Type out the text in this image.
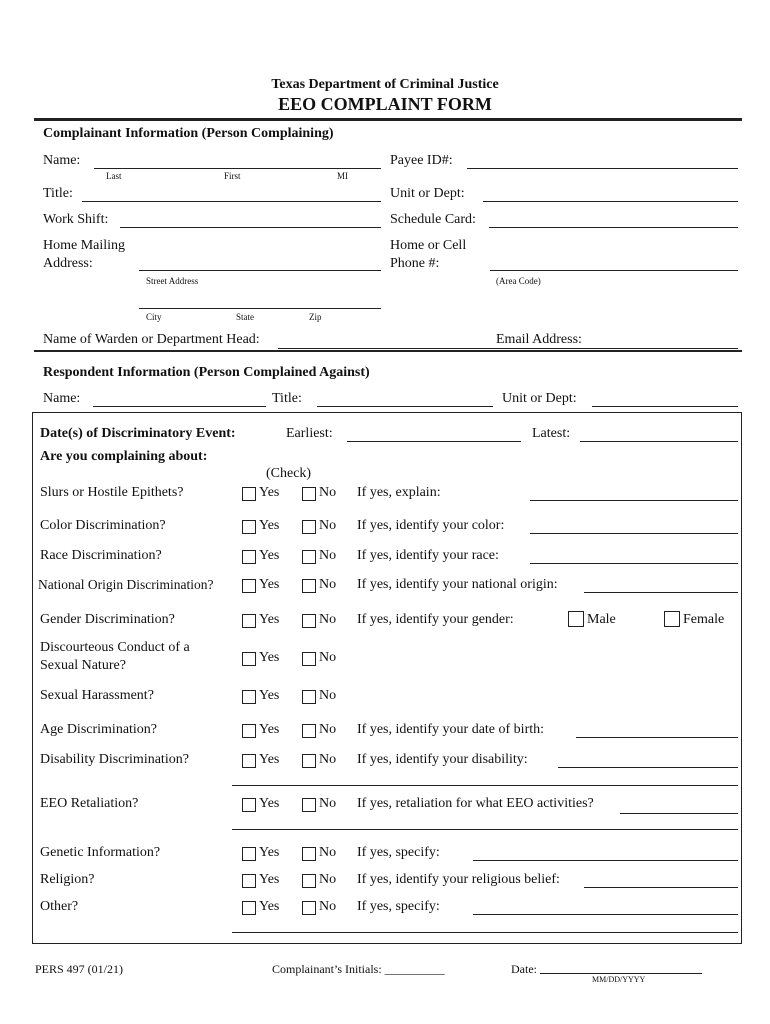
Texas Department of Criminal Justice
EEO COMPLAINT FORM
Complainant Information (Person Complaining)
Name:
Last	First	MI
Payee ID#:
Title:	Unit or Dept:
Work Shift:	Schedule Card:
Home Mailing
Address:
Street Address
City	State	Zip
Home or Cell
Phone #:
(Area Code)
Name of Warden or Department Head:	Email Address:
Respondent Information (Person Complained Against)
Name:	Title:	Unit or Dept:
Date(s) of Discriminatory Event:	Earliest:	Latest:
Are you complaining about:
(Check)
Slurs or Hostile Epithets?	Yes	No If yes, explain:
Color Discrimination?	Yes	No If yes, identify your color:
Race Discrimination?	Yes	No If yes, identify your race:
National Origin Discrimination?	Yes	No If yes, identify your national origin:
Gender Discrimination?	Yes	No If yes, identify your gender:	Male	Female
Discourteous Conduct of a
Sexual Nature?
Yes	No
Sexual Harassment?	Yes	No
Age Discrimination?	Yes	No If yes, identify your date of birth:
Disability Discrimination?	Yes	No If yes, identify your disability:
EEO Retaliation?	Yes	No If yes, retaliation for what EEO activities?
Genetic Information?	Yes	No If yes, specify:
Religion?	Yes	No If yes, identify your religious belief:
Other?	Yes	No If yes, specify:
PERS 497 (01/21)	Complainant’s Initials: __________	Date:
MM/DD/YYYY
